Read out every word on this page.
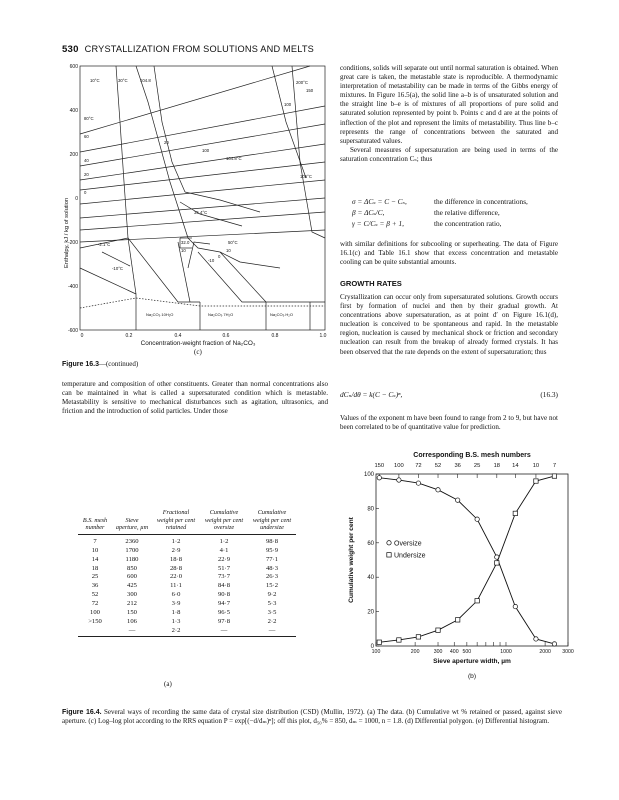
530 CRYSTALLIZATION FROM SOLUTIONS AND MELTS
600
400
200
0
-200
-400
-600
Enthalpy, kJ / kg of solution
0	0.2	0.4	0.6	0.8	1.0
Concentration-weight fraction of Na₂CO₃
10°C	30°C	104.8	200°C
150
100
80°C
60
40
20
0
100
104.8°C
105°C
35.4°C
32.0
10
-2.1°C
-10°C
50°C
-10
0
10
20
Na₂CO₃.10H₂O	Na₂CO₃.7H₂O	Na₂CO₃.H₂O
(c)
Figure 16.3—(continued)

temperature and composition of other constituents. Greater than normal concentrations also can be maintained in what is called a supersaturated condition which is metastable. Metastability is sensitive to mechanical disturbances such as agitation, ultrasonics, and friction and the introduction of solid particles. Under those

conditions, solids will separate out until normal saturation is obtained. When great care is taken, the metastable state is reproducible. A thermodynamic interpretation of metastability can be made in terms of the Gibbs energy of mixtures. In Figure 16.5(a), the solid line a–b is of unsaturated solution and the straight line b–e is of mixtures of all proportions of pure solid and saturated solution represented by point b. Points c and d are at the points of inflection of the plot and represent the limits of metastability. Thus line b–c represents the range of concentrations between the saturated and supersaturated values.

Several measures of supersaturation are being used in terms of the saturation concentration Cₛ; thus

σ = ΔCₛ = C − Cₛ,	the difference in concentrations,
β = ΔCₛ/C,	the relative difference,
γ = C/Cₛ = β + 1,	the concentration ratio,

with similar definitions for subcooling or superheating. The data of Figure 16.1(c) and Table 16.1 show that excess concentration and metastable cooling can be quite substantial amounts.

GROWTH RATES

Crystallization can occur only from supersaturated solutions. Growth occurs first by formation of nuclei and then by their gradual growth. At concentrations above supersaturation, as at point d′ on Figure 16.1(d), nucleation is conceived to be spontaneous and rapid. In the metastable region, nucleation is caused by mechanical shock or friction and secondary nucleation can result from the breakup of already formed crystals. It has been observed that the rate depends on the extent of supersaturation; thus

dCₙ/dθ = k(C − Cₛ)ⁿ,	(16.3)

Values of the exponent m have been found to range from 2 to 9, but have not been correlated to be of quantitative value for prediction.

B.S. mesh number	Sieve aperture, µm	Fractional weight per cent retained	Cumulative weight per cent oversize	Cumulative weight per cent undersize
7	2360	1·2	1·2	98·8
10	1700	2·9	4·1	95·9
14	1180	18·8	22·9	77·1
18	850	28·8	51·7	48·3
25	600	22·0	73·7	26·3
36	425	11·1	84·8	15·2
52	300	6·0	90·8	9·2
72	212	3·9	94·7	5·3
100	150	1·8	96·5	3·5
>150	106	1·3	97·8	2·2
	—	2·2	—	—
(a)
Corresponding B.S. mesh numbers
150 100 72 52 36 25 18 14 10 7
0
20
40
60
80
100
100	200	300 400 500	1000	2000 3000
Sieve aperture width, µm
Cumulative weight per cent	Oversize
Undersize
(b)
Figure 16.4. Several ways of recording the same data of crystal size distribution (CSD) (Mullin, 1972). (a) The data. (b) Cumulative wt % retained or passed, against sieve aperture. (c) Log–log plot according to the RRS equation P = exp[(−d/dₘ)ⁿ]; off this plot, d₅₀% = 850, dₘ = 1000, n = 1.8. (d) Differential polygon. (e) Differential histogram.
